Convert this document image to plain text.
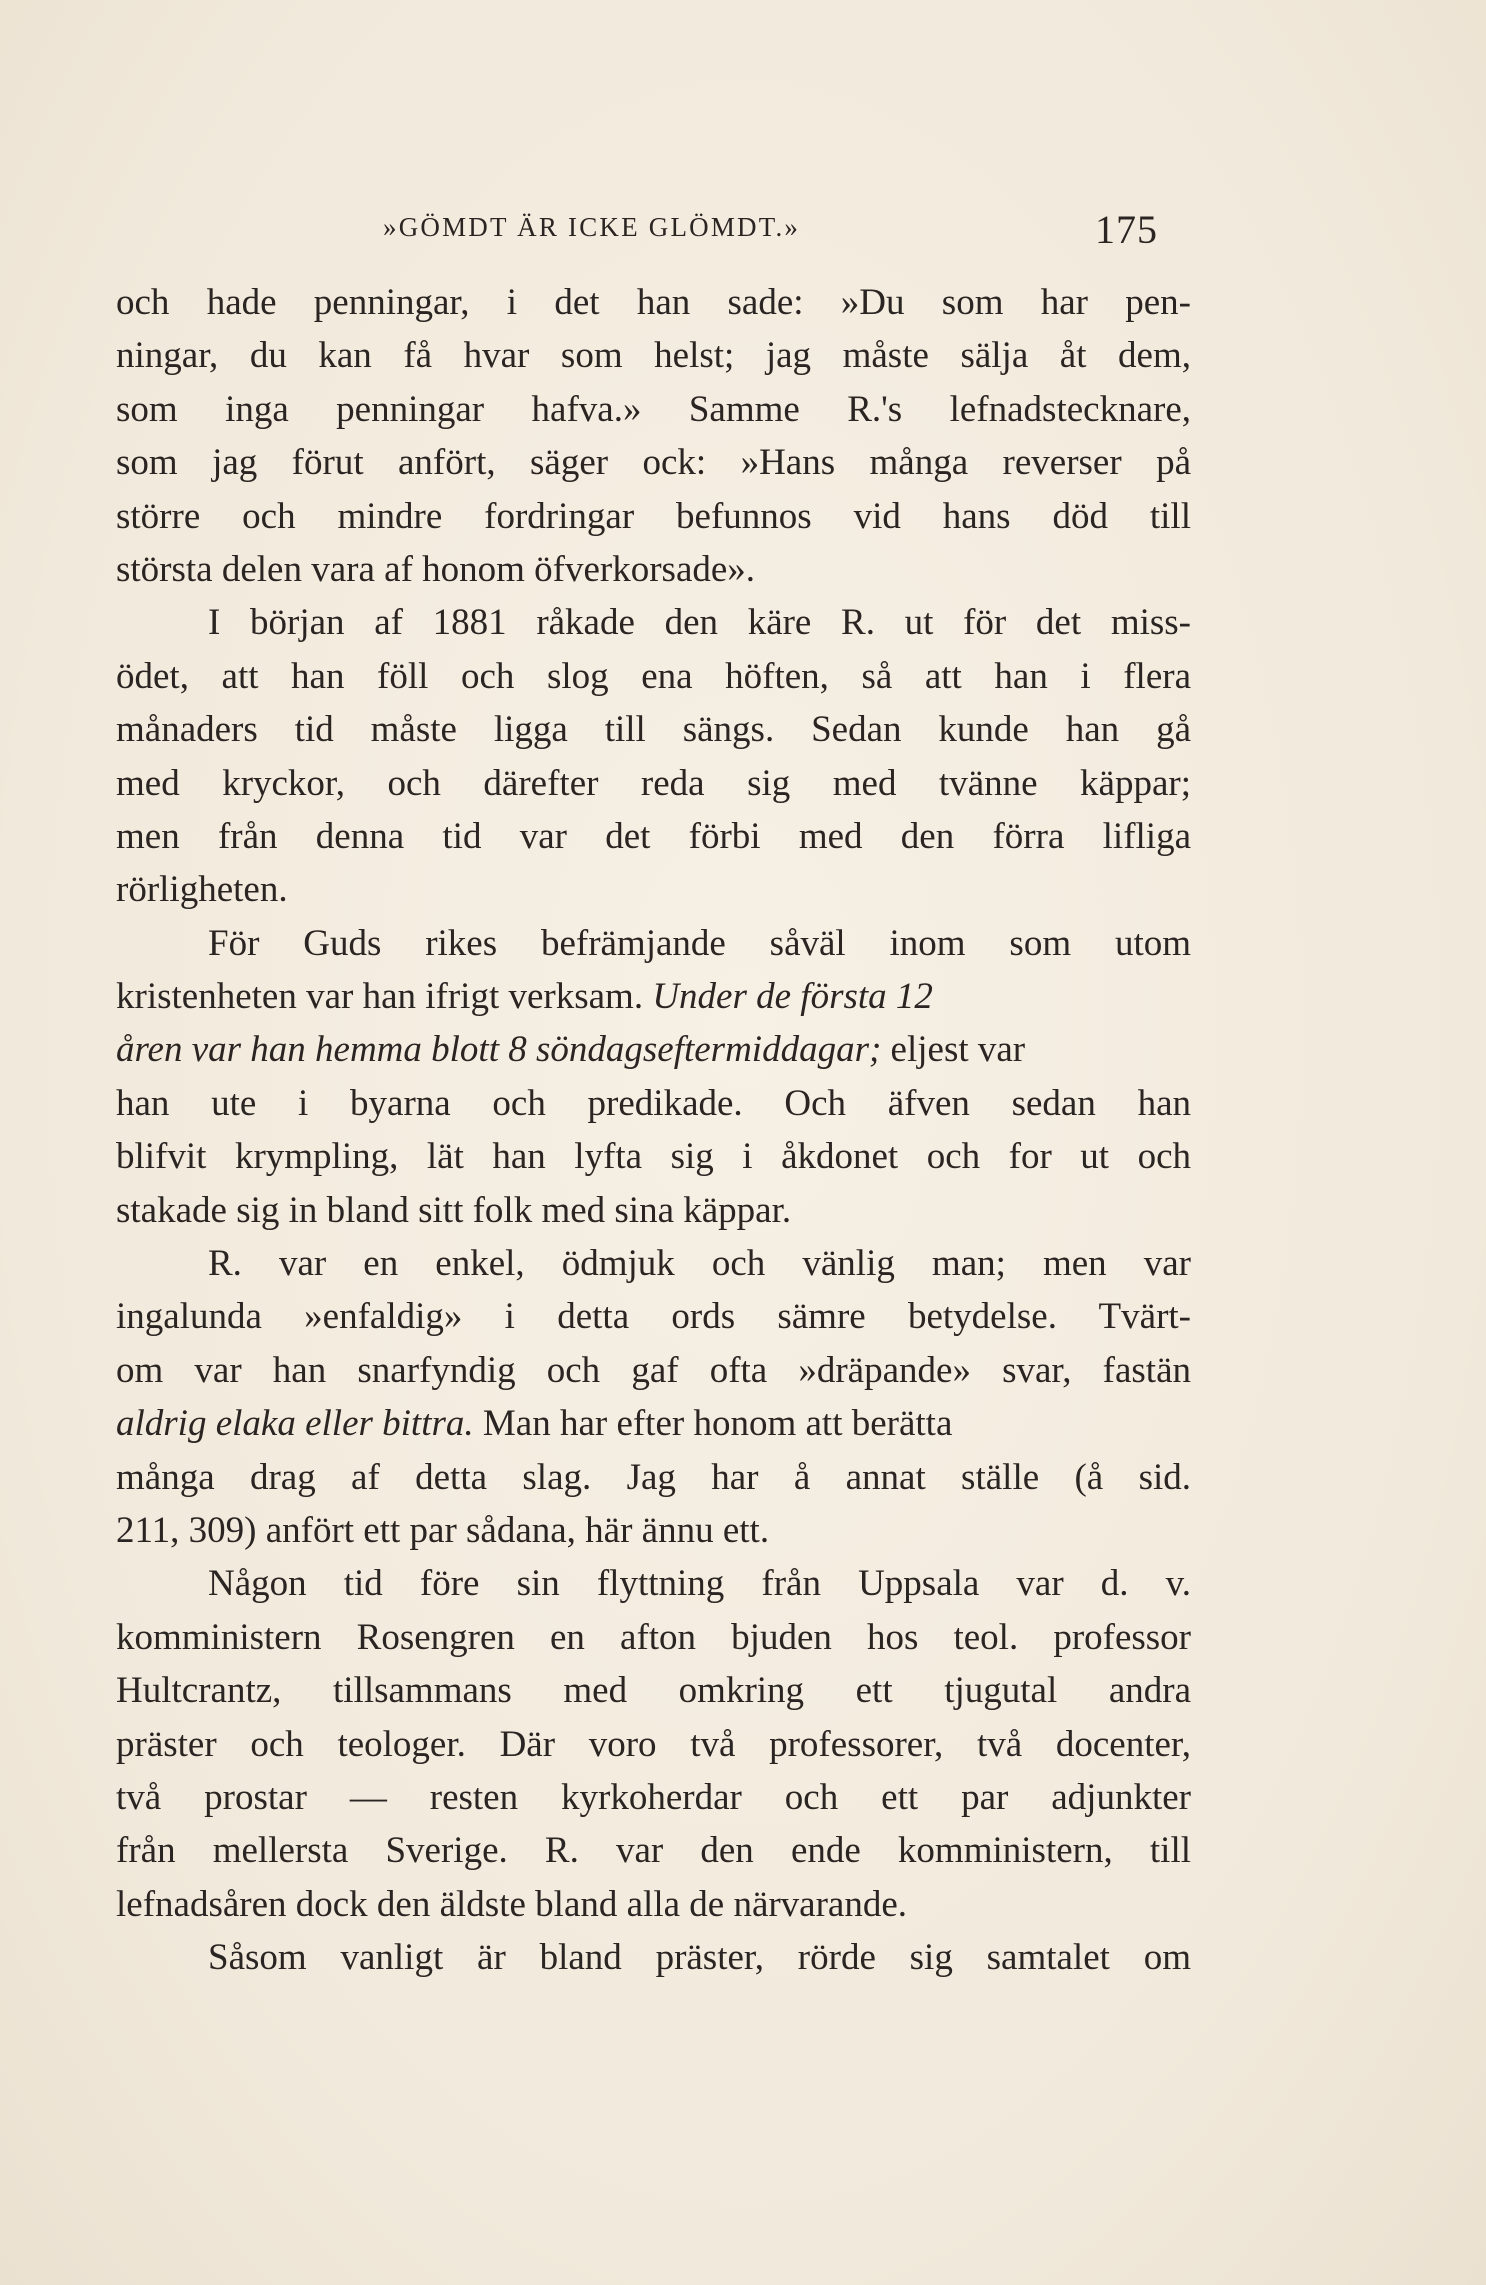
»GÖMDT ÄR ICKE GLÖMDT.»	175
och hade penningar, i det han sade: »Du som har pen-
ningar, du kan få hvar som helst; jag måste sälja åt dem,
som inga penningar hafva.» Samme R.'s lefnadstecknare,
som jag förut anfört, säger ock: »Hans många reverser på
större och mindre fordringar befunnos vid hans död till
största delen vara af honom öfverkorsade».
I början af 1881 råkade den käre R. ut för det miss-
ödet, att han föll och slog ena höften, så att han i flera
månaders tid måste ligga till sängs. Sedan kunde han gå
med kryckor, och därefter reda sig med tvänne käppar;
men från denna tid var det förbi med den förra lifliga
rörligheten.
För Guds rikes befrämjande såväl inom som utom
kristenheten var han ifrigt verksam. Under de första 12
åren var han hemma blott 8 söndagseftermiddagar; eljest var
han ute i byarna och predikade. Och äfven sedan han
blifvit krympling, lät han lyfta sig i åkdonet och for ut och
stakade sig in bland sitt folk med sina käppar.
R. var en enkel, ödmjuk och vänlig man; men var
ingalunda »enfaldig» i detta ords sämre betydelse. Tvärt-
om var han snarfyndig och gaf ofta »dräpande» svar, fastän
aldrig elaka eller bittra. Man har efter honom att berätta
många drag af detta slag. Jag har å annat ställe (å sid.
211, 309) anfört ett par sådana, här ännu ett.
Någon tid före sin flyttning från Uppsala var d. v.
komministern Rosengren en afton bjuden hos teol. professor
Hultcrantz, tillsammans med omkring ett tjugutal andra
präster och teologer. Där voro två professorer, två docenter,
två prostar — resten kyrkoherdar och ett par adjunkter
från mellersta Sverige. R. var den ende komministern, till
lefnadsåren dock den äldste bland alla de närvarande.
Såsom vanligt är bland präster, rörde sig samtalet om
